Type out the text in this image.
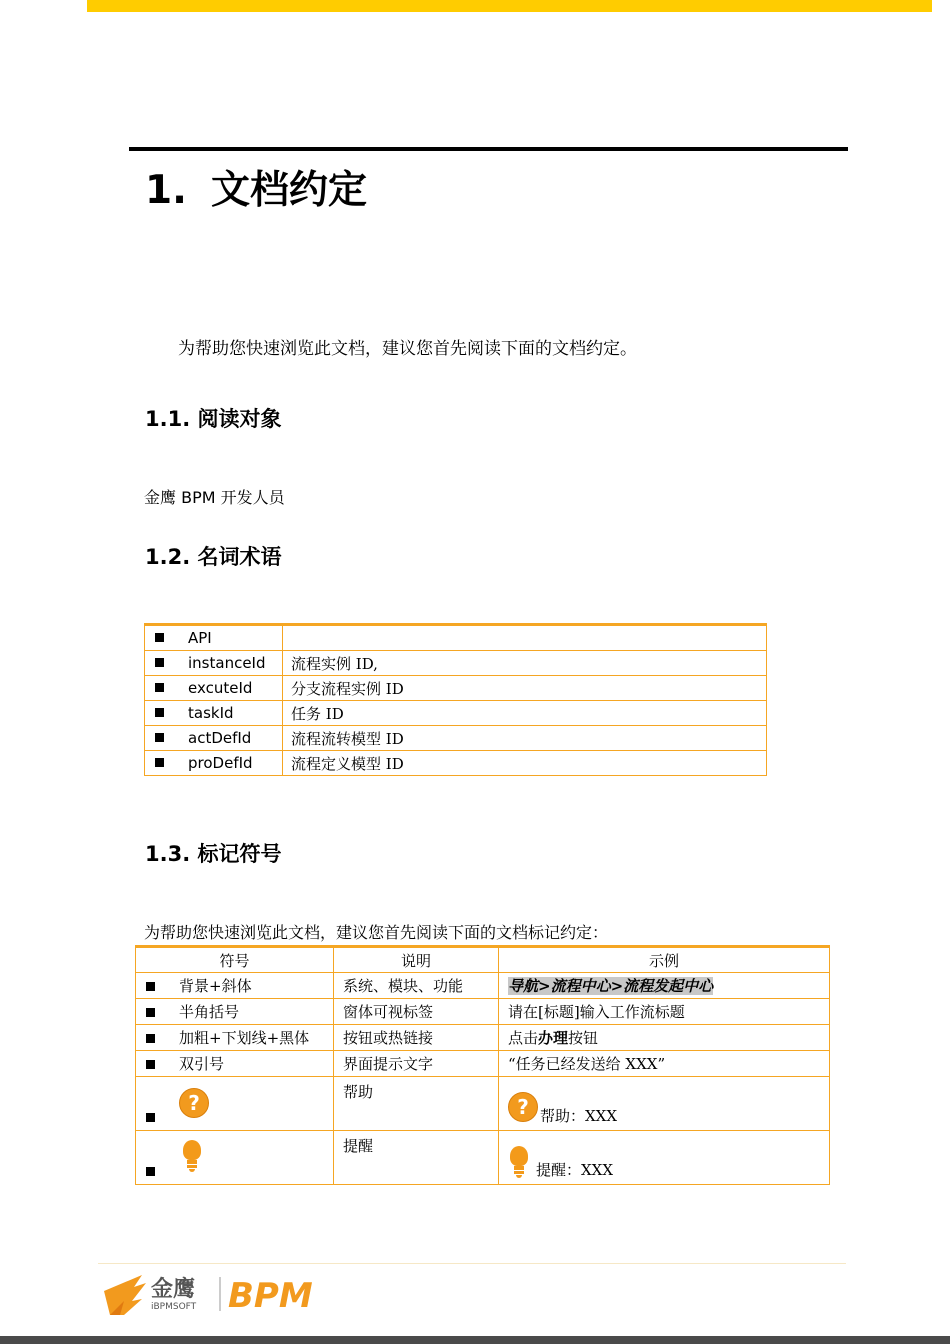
1. 文档约定
为帮助您快速浏览此文档，建议您首先阅读下面的文档约定。
1.1. 阅读对象
金鹰 BPM 开发人员
1.2. 名词术语
API	
instanceId	流程实例 ID,
excuteId	分支流程实例 ID
taskId	任务 ID
actDefId	流程流转模型 ID
proDefId	流程定义模型 ID
1.3. 标记符号
为帮助您快速浏览此文档，建议您首先阅读下面的文档标记约定：
符号	说明	示例
背景+斜体	系统、模块、功能	导航>流程中心>流程发起中心
半角括号	窗体可视标签	请在[标题]输入工作流标题
加粗+下划线+黑体	按钮或热链接	点击办理按钮
双引号	界面提示文字	“任务已经发送给 XXX”
?	帮助	? 帮助：XXX

	提醒	提醒：XXX
金鹰
iBPMSOFT BPM
